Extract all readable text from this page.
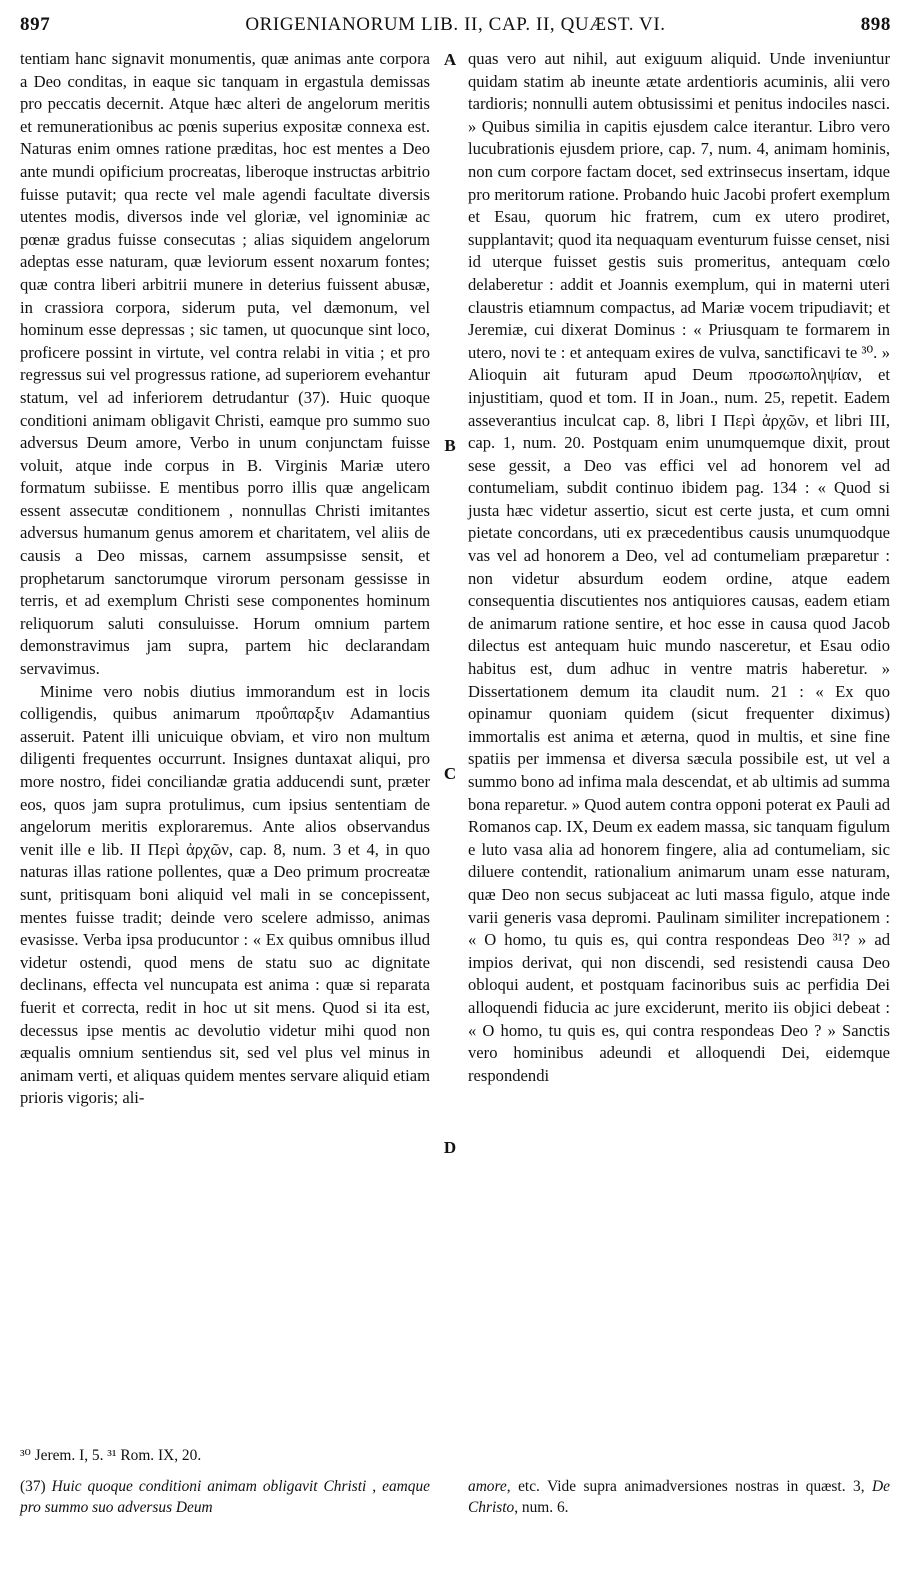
897	ORIGENIANORUM LIB. II, CAP. II, QUÆST. VI.	898

tentiam hanc signavit monumentis, quæ animas ante corpora a Deo conditas, in eaque sic tanquam in ergastula demissas pro peccatis decernit. Atque hæc alteri de angelorum meritis et remunerationibus ac pœnis superius expositæ connexa est. Naturas enim omnes ratione præditas, hoc est mentes a Deo ante mundi opificium procreatas, liberoque instructas arbitrio fuisse putavit; qua recte vel male agendi facultate diversis utentes modis, diversos inde vel gloriæ, vel ignominiæ ac pœnæ gradus fuisse consecutas ; alias siquidem angelorum adeptas esse naturam, quæ leviorum essent noxarum fontes; quæ contra liberi arbitrii munere in deterius fuissent abusæ, in crassiora corpora, siderum puta, vel dæmonum, vel hominum esse depressas ; sic tamen, ut quocunque sint loco, proficere possint in virtute, vel contra relabi in vitia ; et pro regressus sui vel progressus ratione, ad superiorem evehantur statum, vel ad inferiorem detrudantur (37). Huic quoque conditioni animam obligavit Christi, eamque pro summo suo adversus Deum amore, Verbo in unum conjunctam fuisse voluit, atque inde corpus in B. Virginis Mariæ utero formatum subiisse. E mentibus porro illis quæ angelicam essent assecutæ conditionem , nonnullas Christi imitantes adversus humanum genus amorem et charitatem, vel aliis de causis a Deo missas, carnem assumpsisse sensit, et prophetarum sanctorumque virorum personam gessisse in terris, et ad exemplum Christi sese componentes hominum reliquorum saluti consuluisse. Horum omnium partem demonstravimus jam supra, partem hic declarandam servavimus.

Minime vero nobis diutius immorandum est in locis colligendis, quibus animarum προΰπαρξιν Adamantius asseruit. Patent illi unicuique obviam, et viro non multum diligenti frequentes occurrunt. Insignes duntaxat aliqui, pro more nostro, fidei conciliandæ gratia adducendi sunt, præter eos, quos jam supra protulimus, cum ipsius sententiam de angelorum meritis exploraremus. Ante alios observandus venit ille e lib. II Περὶ ἀρχῶν, cap. 8, num. 3 et 4, in quo naturas illas ratione pollentes, quæ a Deo primum procreatæ sunt, pritisquam boni aliquid vel mali in se concepissent, mentes fuisse tradit; deinde vero scelere admisso, animas evasisse. Verba ipsa producuntor : « Ex quibus omnibus illud videtur ostendi, quod mens de statu suo ac dignitate declinans, effecta vel nuncupata est anima : quæ si reparata fuerit et correcta, redit in hoc ut sit mens. Quod si ita est, decessus ipse mentis ac devolutio videtur mihi quod non æqualis omnium sentiendus sit, sed vel plus vel minus in animam verti, et aliquas quidem mentes servare aliquid etiam prioris vigoris; ali-

A
B
C
D

quas vero aut nihil, aut exiguum aliquid. Unde inveniuntur quidam statim ab ineunte ætate ardentioris acuminis, alii vero tardioris; nonnulli autem obtusissimi et penitus indociles nasci. » Quibus similia in capitis ejusdem calce iterantur. Libro vero lucubrationis ejusdem priore, cap. 7, num. 4, animam hominis, non cum corpore factam docet, sed extrinsecus insertam, idque pro meritorum ratione. Probando huic Jacobi profert exemplum et Esau, quorum hic fratrem, cum ex utero prodiret, supplantavit; quod ita nequaquam eventurum fuisse censet, nisi id uterque fuisset gestis suis promeritus, antequam cœlo delaberetur : addit et Joannis exemplum, qui in materni uteri claustris etiamnum compactus, ad Mariæ vocem tripudiavit; et Jeremiæ, cui dixerat Dominus : « Priusquam te formarem in utero, novi te : et antequam exires de vulva, sanctificavi te ³⁰. » Alioquin ait futuram apud Deum προσωποληψίαν, et injustitiam, quod et tom. II in Joan., num. 25, repetit. Eadem asseverantius inculcat cap. 8, libri I Περὶ ἀρχῶν, et libri III, cap. 1, num. 20. Postquam enim unumquemque dixit, prout sese gessit, a Deo vas effici vel ad honorem vel ad contumeliam, subdit continuo ibidem pag. 134 : « Quod si justa hæc videtur assertio, sicut est certe justa, et cum omni pietate concordans, uti ex præcedentibus causis unumquodque vas vel ad honorem a Deo, vel ad contumeliam præparetur : non videtur absurdum eodem ordine, atque eadem consequentia discutientes nos antiquiores causas, eadem etiam de animarum ratione sentire, et hoc esse in causa quod Jacob dilectus est antequam huic mundo nasceretur, et Esau odio habitus est, dum adhuc in ventre matris haberetur. » Dissertationem demum ita claudit num. 21 : « Ex quo opinamur quoniam quidem (sicut frequenter diximus) immortalis est anima et æterna, quod in multis, et sine fine spatiis per immensa et diversa sæcula possibile est, ut vel a summo bono ad infima mala descendat, et ab ultimis ad summa bona reparetur. » Quod autem contra opponi poterat ex Pauli ad Romanos cap. IX, Deum ex eadem massa, sic tanquam figulum e luto vasa alia ad honorem fingere, alia ad contumeliam, sic diluere contendit, rationalium animarum unam esse naturam, quæ Deo non secus subjaceat ac luti massa figulo, atque inde varii generis vasa depromi. Paulinam similiter increpationem : « O homo, tu quis es, qui contra respondeas Deo ³¹? » ad impios derivat, qui non discendi, sed resistendi causa Deo obloqui audent, et postquam facinoribus suis ac perfidia Dei alloquendi fiducia ac jure exciderunt, merito iis objici debeat : « O homo, tu quis es, qui contra respondeas Deo ? » Sanctis vero hominibus adeundi et alloquendi Dei, eidemque respondendi

³⁰ Jerem. I, 5. ³¹ Rom. IX, 20.

(37) Huic quoque conditioni animam obligavit Christi , eamque pro summo suo adversus Deum

amore, etc. Vide supra animadversiones nostras in quæst. 3, De Christo, num. 6.
